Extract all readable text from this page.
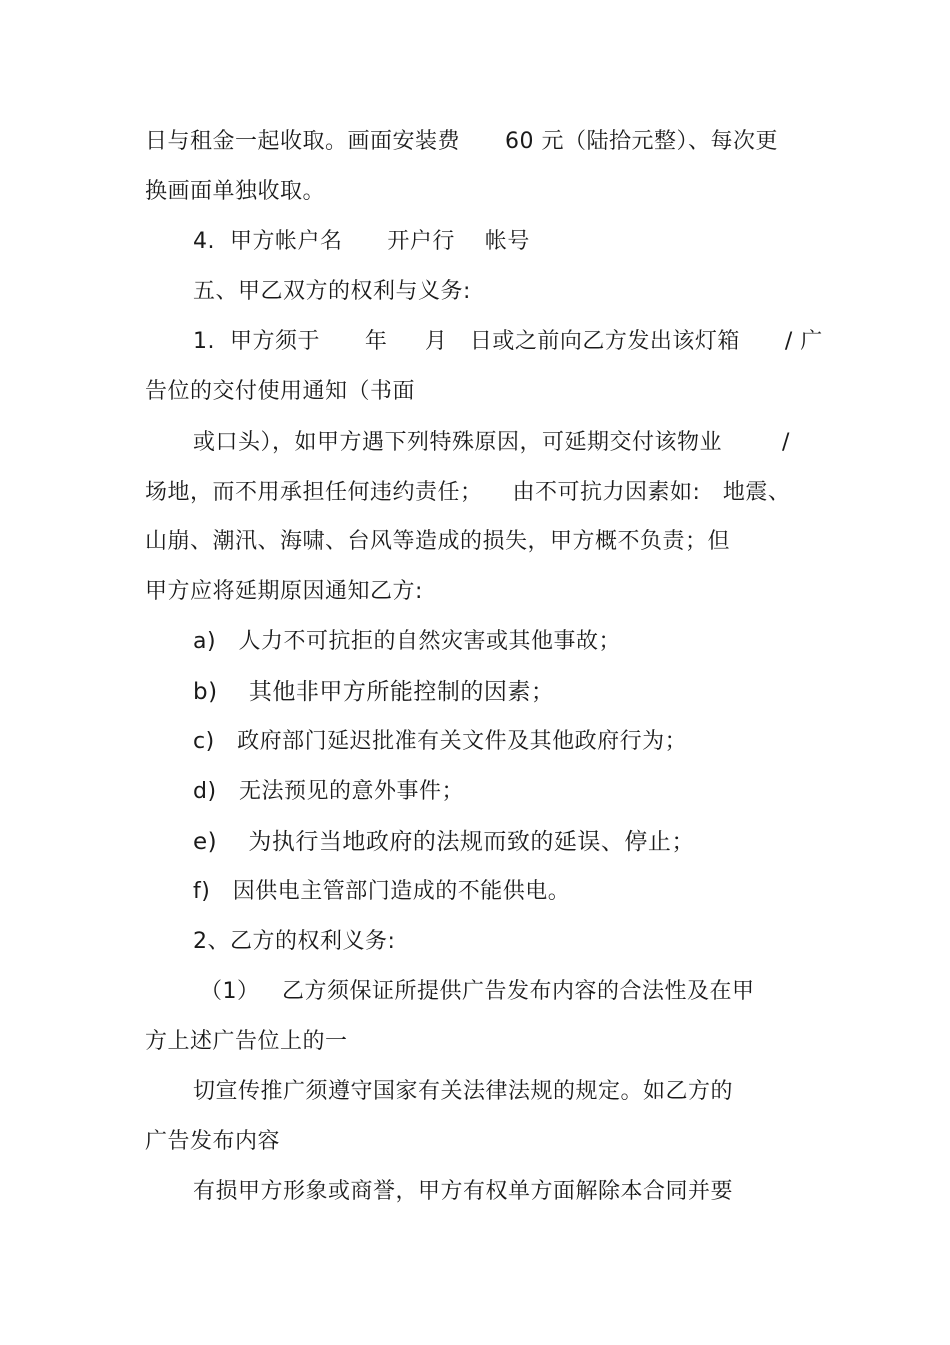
日与租金一起收取。画面安装费      60 元（陆拾元整）、每次更
换画面单独收取。
4.  甲方帐户名      开户行    帐号
五、甲乙双方的权利与义务:
1.  甲方须于      年     月   日或之前向乙方发出该灯箱      / 广
告位的交付使用通知（书面
或口头），如甲方遇下列特殊原因，可延期交付该物业        /
场地，而不用承担任何违约责任；    由不可抗力因素如:   地震、
山崩、潮汛、海啸、台风等造成的损失，甲方概不负责；但
甲方应将延期原因通知乙方:
a)   人力不可抗拒的自然灾害或其他事故；
b)    其他非甲方所能控制的因素；
c)   政府部门延迟批准有关文件及其他政府行为；
d)   无法预见的意外事件；
e)    为执行当地政府的法规而致的延误、停止；
f)   因供电主管部门造成的不能供电。
2、乙方的权利义务:
（1）   乙方须保证所提供广告发布内容的合法性及在甲
方上述广告位上的一
切宣传推广须遵守国家有关法律法规的规定。如乙方的
广告发布内容
有损甲方形象或商誉，甲方有权单方面解除本合同并要
